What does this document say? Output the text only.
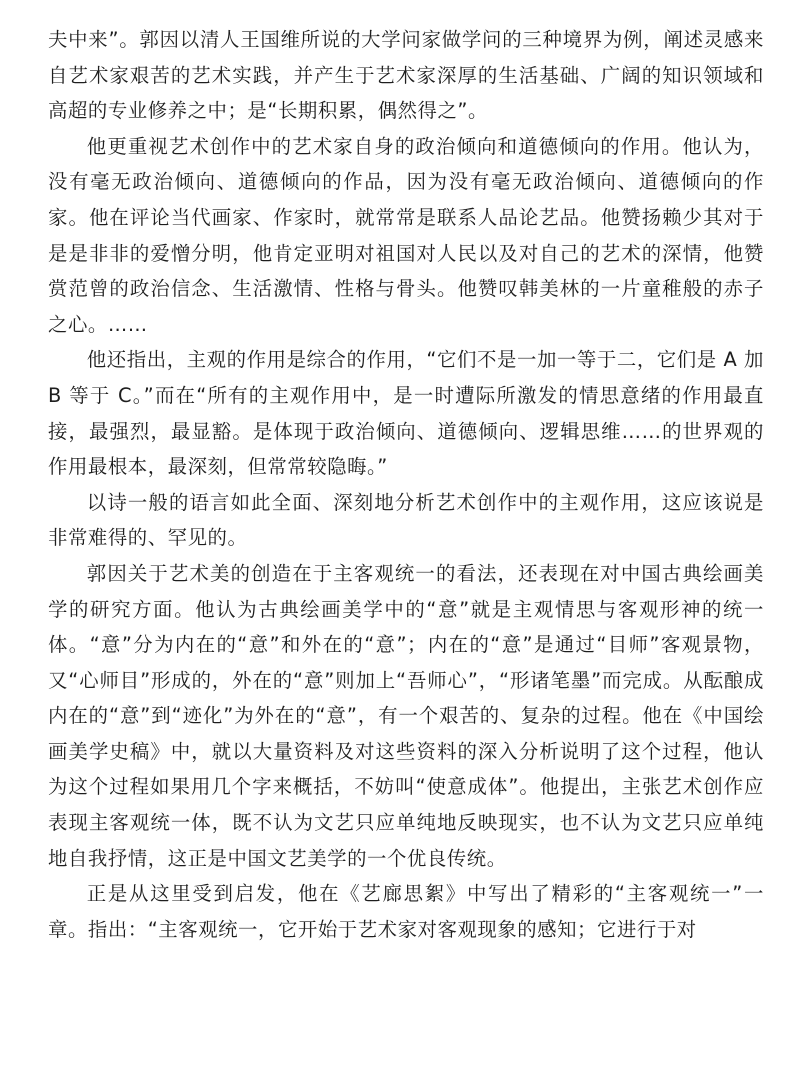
夫中来”。郭因以清人王国维所说的大学问家做学问的三种境界为例，阐述灵感来自艺术家艰苦的艺术实践，并产生于艺术家深厚的生活基础、广阔的知识领域和高超的专业修养之中；是“长期积累，偶然得之”。

他更重视艺术创作中的艺术家自身的政治倾向和道德倾向的作用。他认为，没有毫无政治倾向、道德倾向的作品，因为没有毫无政治倾向、道德倾向的作家。他在评论当代画家、作家时，就常常是联系人品论艺品。他赞扬赖少其对于是是非非的爱憎分明，他肯定亚明对祖国对人民以及对自己的艺术的深情，他赞赏范曾的政治信念、生活激情、性格与骨头。他赞叹韩美林的一片童稚般的赤子之心。……

他还指出，主观的作用是综合的作用，“它们不是一加一等于二，它们是 A 加 B 等于 C。”而在“所有的主观作用中，是一时遭际所激发的情思意绪的作用最直接，最强烈，最显豁。是体现于政治倾向、道德倾向、逻辑思维……的世界观的作用最根本，最深刻，但常常较隐晦。”

以诗一般的语言如此全面、深刻地分析艺术创作中的主观作用，这应该说是非常难得的、罕见的。

郭因关于艺术美的创造在于主客观统一的看法，还表现在对中国古典绘画美学的研究方面。他认为古典绘画美学中的“意”就是主观情思与客观形神的统一体。“意”分为内在的“意”和外在的“意”；内在的“意”是通过“目师”客观景物，又“心师目”形成的，外在的“意”则加上“吾师心”，“形诸笔墨”而完成。从酝酿成内在的“意”到“迹化”为外在的“意”，有一个艰苦的、复杂的过程。他在《中国绘画美学史稿》中，就以大量资料及对这些资料的深入分析说明了这个过程，他认为这个过程如果用几个字来概括，不妨叫“使意成体”。他提出，主张艺术创作应表现主客观统一体，既不认为文艺只应单纯地反映现实，也不认为文艺只应单纯地自我抒情，这正是中国文艺美学的一个优良传统。

正是从这里受到启发，他在《艺廊思絮》中写出了精彩的“主客观统一”一章。指出：“主客观统一，它开始于艺术家对客观现象的感知；它进行于对
